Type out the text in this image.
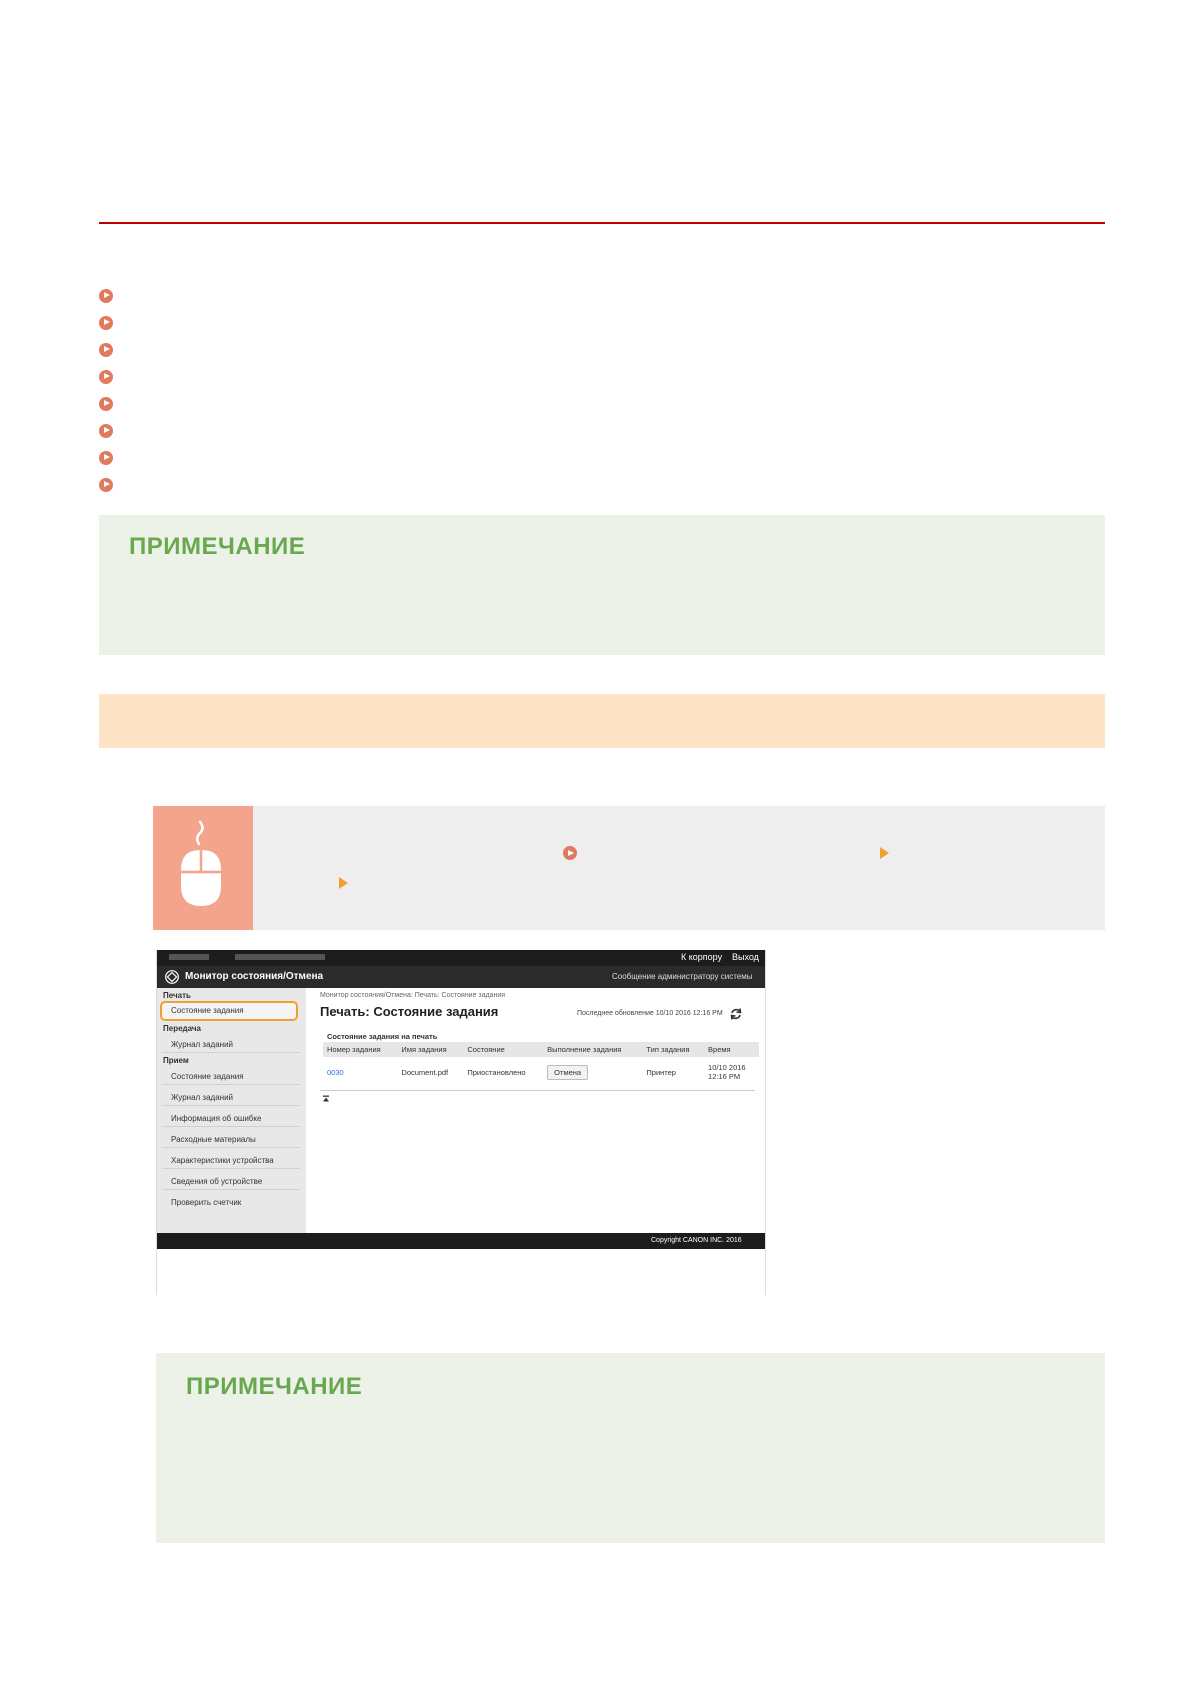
ПРИМЕЧАНИЕ
К корпору Выход
Монитор состояния/Отмена	Сообщение администратору системы
Печать
Состояние задания
Передача
Журнал заданий
Прием
Состояние задания
Журнал заданий
Информация об ошибке
Расходные материалы
Характеристики устройства
Сведения об устройстве
Проверить счетчик
Монитор состояния/Отмена: Печать: Состояние задания
Печать: Состояние задания	Последнее обновление 10/10 2016 12:16 PM
Состояние задания на печать
Номер задания	Имя задания	Состояние	Выполнение задания	Тип задания	Время
0030	Document.pdf	Приостановлено	Отмена	Принтер	10/10 2016
12:16 PM
Copyright CANON INC. 2016
ПРИМЕЧАНИЕ
